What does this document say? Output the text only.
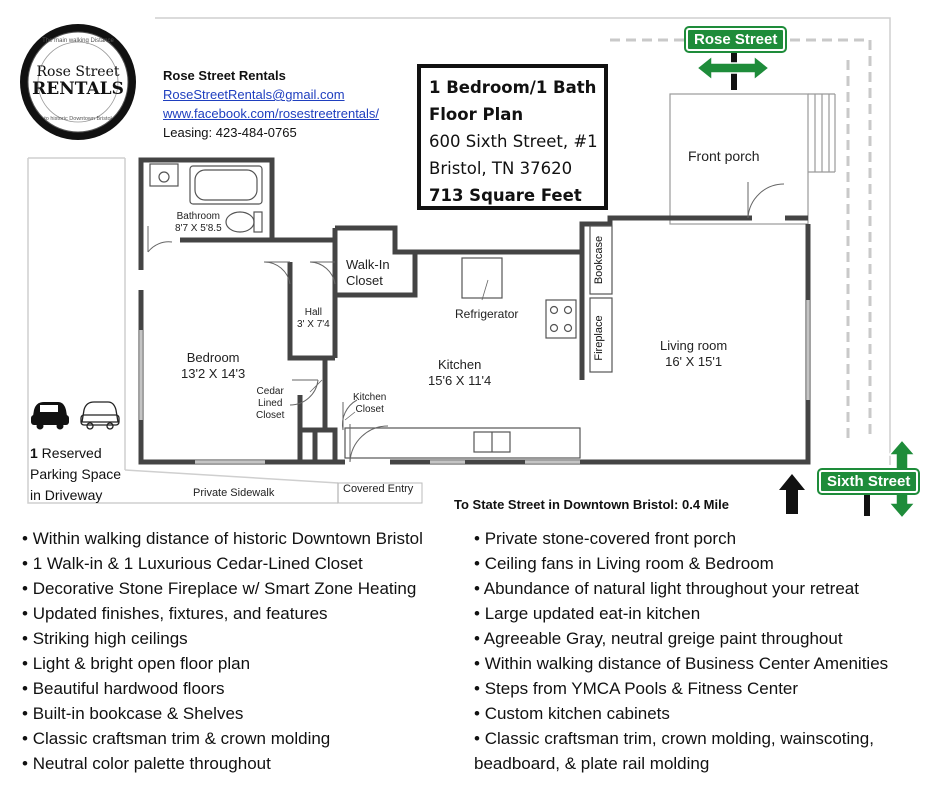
The main walking Distance
Rose Street
RENTALS
to historic Downtown Bristol
Rose Street Rentals
RoseStreetRentals@gmail.com
www.facebook.com/rosestreetrentals/
Leasing: 423-484-0765
1 Bedroom/1 Bath
Floor Plan
600 Sixth Street, #1
Bristol, TN 37620
713 Square Feet
Rose Street
Sixth Street
Bathroom
8'7 X 5'8.5
Walk-In
Closet
Hall
3' X 7'4
Refrigerator
Bedroom
13'2 X 14'3
Cedar
Lined
Closet
Kitchen
Closet
Kitchen
15'6 X 11'4
Bookcase
Fireplace	Living room
16' X 15'1
Front porch
Private Sidewalk	Covered Entry
1 Reserved
Parking Space
in Driveway
To State Street in Downtown Bristol: 0.4 Mile
• Within walking distance of historic Downtown Bristol
• 1 Walk-in & 1 Luxurious Cedar-Lined Closet
• Decorative Stone Fireplace w/ Smart Zone Heating
• Updated finishes, fixtures, and features
• Striking high ceilings
• Light & bright open floor plan
• Beautiful hardwood floors
• Built-in bookcase & Shelves
• Classic craftsman trim & crown molding
• Neutral color palette throughout
• Private stone-covered front porch
• Ceiling fans in Living room & Bedroom
• Abundance of natural light throughout your retreat
• Large updated eat-in kitchen
• Agreeable Gray, neutral greige paint throughout
• Within walking distance of Business Center Amenities
• Steps from YMCA Pools & Fitness Center
• Custom kitchen cabinets
• Classic craftsman trim, crown molding, wainscoting,
beadboard, & plate rail molding
